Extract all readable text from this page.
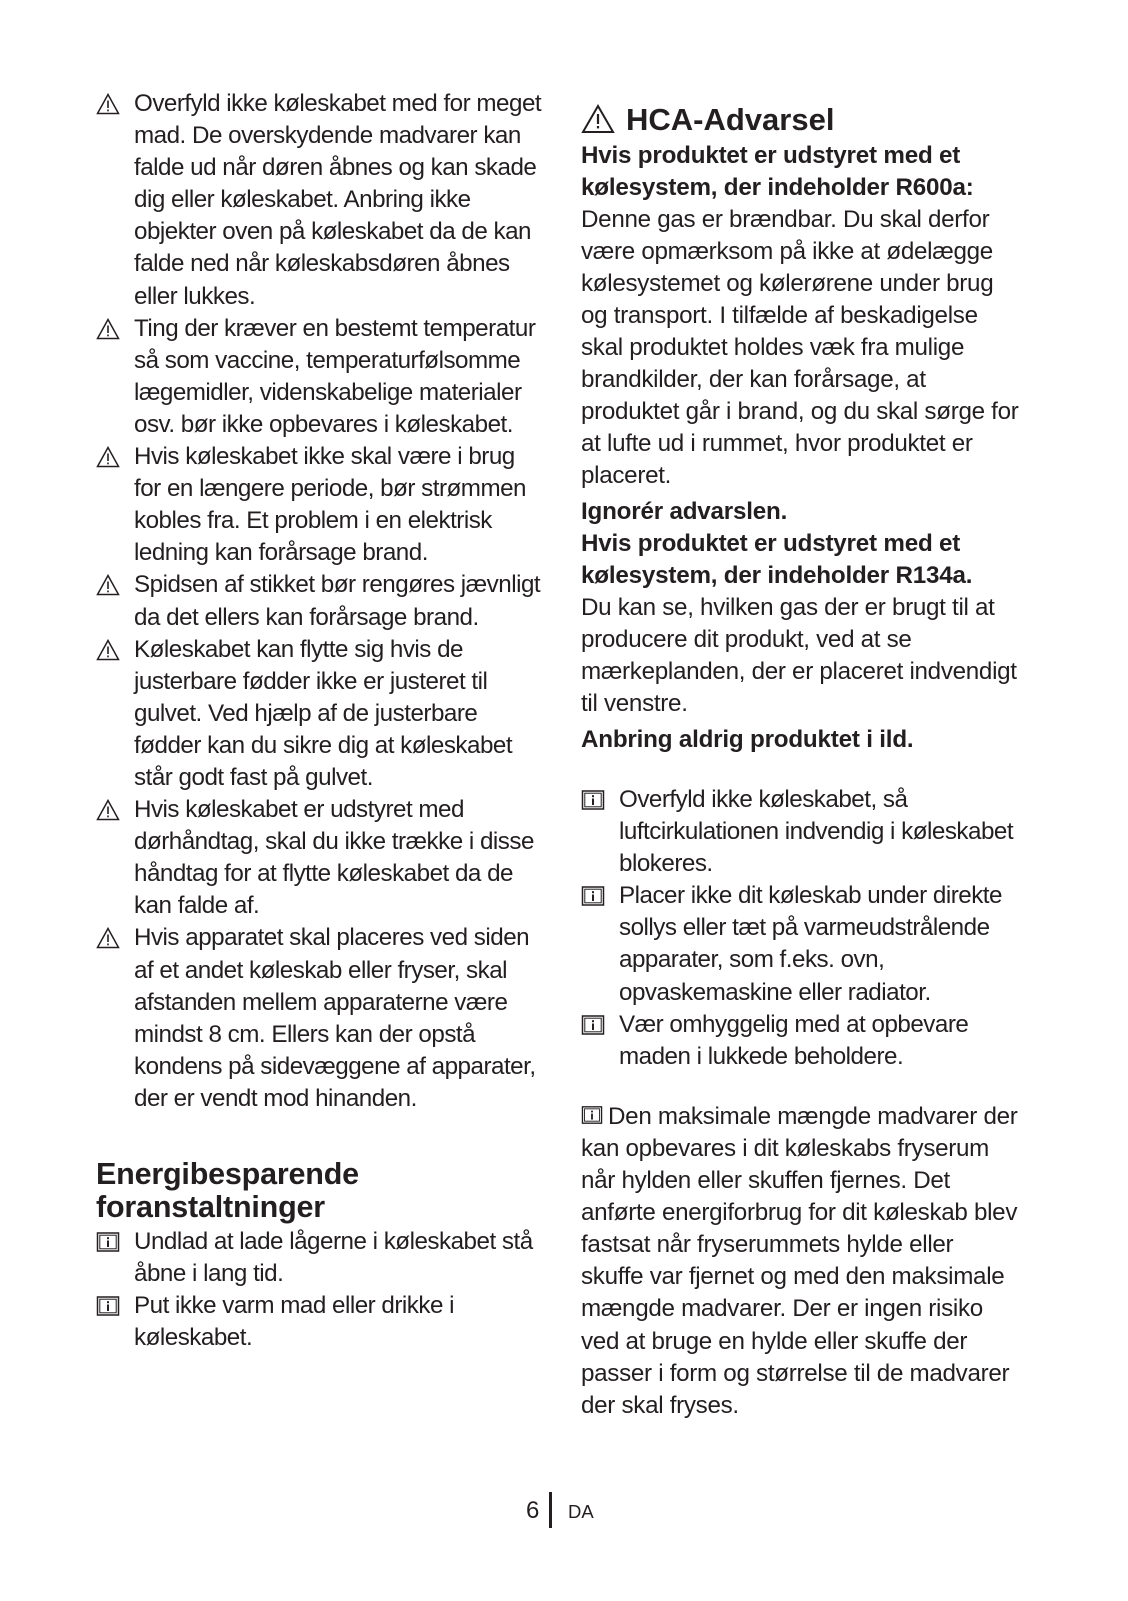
Overfyld ikke køleskabet med for meget mad. De overskydende madvarer kan falde ud når døren åbnes og kan skade dig eller køleskabet. Anbring ikke objekter oven på køleskabet da de kan falde ned når køleskabsdøren åbnes eller lukkes.
Ting der kræver en bestemt temperatur så som vaccine, temperaturfølsomme lægemidler, videnskabelige materialer osv. bør ikke opbevares i køleskabet.
Hvis køleskabet ikke skal være i brug for en længere periode, bør strømmen kobles fra. Et problem i en elektrisk ledning kan forårsage brand.
Spidsen af stikket bør rengøres jævnligt da det ellers kan forårsage brand.
Køleskabet kan flytte sig hvis de justerbare fødder ikke er justeret til gulvet. Ved hjælp af de justerbare fødder kan du sikre dig at køleskabet står godt fast på gulvet.
Hvis køleskabet er udstyret med dørhåndtag, skal du ikke trække i disse håndtag for at flytte køleskabet da de kan falde af.
Hvis apparatet skal placeres ved siden af et andet køleskab eller fryser, skal afstanden mellem apparaterne være mindst 8 cm. Ellers kan der opstå kondens på sidevæggene af apparater, der er vendt mod hinanden.
Energibesparende
foranstaltninger
Undlad at lade lågerne i køleskabet stå åbne i lang tid.
Put ikke varm mad eller drikke i køleskabet.
HCA-Advarsel
Hvis produktet er udstyret med et kølesystem, der indeholder R600a:
Denne gas er brændbar. Du skal derfor være opmærksom på ikke at ødelægge kølesystemet og kølerørene under brug og transport. I tilfælde af beskadigelse skal produktet holdes væk fra mulige brandkilder, der kan forårsage, at produktet går i brand, og du skal sørge for at lufte ud i rummet, hvor produktet er placeret.
Ignorér advarslen.
Hvis produktet er udstyret med et kølesystem, der indeholder R134a.
Du kan se, hvilken gas der er brugt til at producere dit produkt, ved at se mærkeplanden, der er placeret indvendigt til venstre.
Anbring aldrig produktet i ild.
Overfyld ikke køleskabet, så luftcirkulationen indvendig i køleskabet blokeres.
Placer ikke dit køleskab under direkte sollys eller tæt på varmeudstrålende apparater, som f.eks. ovn, opvaskemaskine eller radiator.
Vær omhyggelig med at opbevare maden i lukkede beholdere.
Den maksimale mængde madvarer der kan opbevares i dit køleskabs fryserum når hylden eller skuffen fjernes. Det anførte energiforbrug for dit køleskab blev fastsat når fryserummets hylde eller skuffe var fjernet og med den maksimale mængde madvarer. Der er ingen risiko ved at bruge en hylde eller skuffe der passer i form og størrelse til de madvarer der skal fryses.
6 DA
